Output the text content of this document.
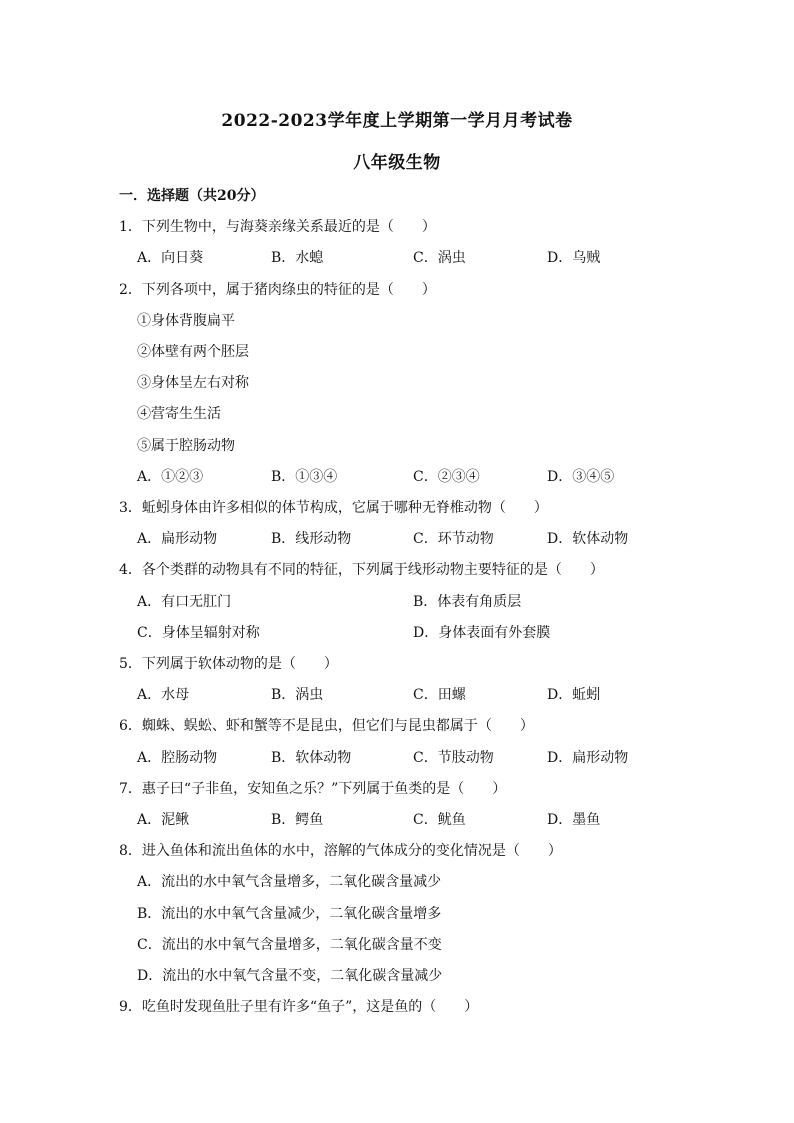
2022-2023学年度上学期第一学月月考试卷
八年级生物
一．选择题（共20分）
1．下列生物中，与海葵亲缘关系最近的是（　　）
A．向日葵	B．水螅	C．涡虫	D．乌贼
2．下列各项中，属于猪肉绦虫的特征的是（　　）
①身体背腹扁平
②体壁有两个胚层
③身体呈左右对称
④营寄生生活
⑤属于腔肠动物
A．①②③	B．①③④	C．②③④	D．③④⑤
3．蚯蚓身体由许多相似的体节构成，它属于哪种无脊椎动物（　　）
A．扁形动物	B．线形动物	C．环节动物	D．软体动物
4．各个类群的动物具有不同的特征，下列属于线形动物主要特征的是（　　）
A．有口无肛门	B．体表有角质层
C．身体呈辐射对称	D．身体表面有外套膜
5．下列属于软体动物的是（　　）
A．水母	B．涡虫	C．田螺	D．蚯蚓
6．蜘蛛、蜈蚣、虾和蟹等不是昆虫，但它们与昆虫都属于（　　）
A．腔肠动物	B．软体动物	C．节肢动物	D．扁形动物
7．惠子曰“子非鱼，安知鱼之乐？”下列属于鱼类的是（　　）
A．泥鳅	B．鳄鱼	C．鱿鱼	D．墨鱼
8．进入鱼体和流出鱼体的水中，溶解的气体成分的变化情况是（　　）
A．流出的水中氧气含量增多，二氧化碳含量减少
B．流出的水中氧气含量减少，二氧化碳含量增多
C．流出的水中氧气含量增多，二氧化碳含量不变
D．流出的水中氧气含量不变，二氧化碳含量减少
9．吃鱼时发现鱼肚子里有许多“鱼子”，这是鱼的（　　）
